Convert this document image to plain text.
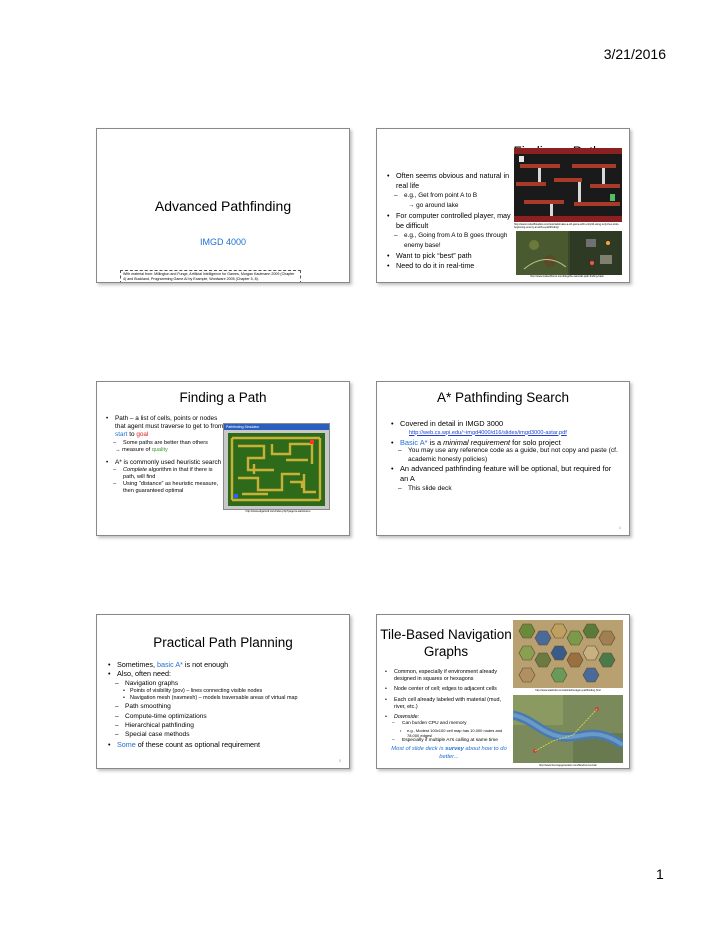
3/21/2016
Advanced Pathfinding
IMGD 4000
With material from: Millington and Funge, Artificial Intelligence for Games, Morgan Kaufmann 2009 (Chapter 4) and Buckland, Programming Game AI by Example, Wordware 2005 (Chapter 5, 8).
• Often seems obvious and natural in real life
– e.g., Get from point A to B
→ go around lake
• For computer controlled player, may be difficult
– e.g., Going from A to B goes through enemy base!
• Want to pick “best” path
• Need to do it in real-time
http://www.rocket5studios.com/tutorials/make-a-2d-game-with-unity3d-using-only-free-tools-beginning-enemy-ai-with-a-pathfinding/
http://www.codeofhonor.com/blog/the-starcraft-path-finding-hack
Finding a Path
• Path – a list of cells, points or nodes that agent must traverse to get to from start to goal
– Some paths are better than others
→ measure of quality
• A* is commonly used heuristic search
– Complete algorithm in that if there is path, will find
– Using “distance” as heuristic measure, then guaranteed optimal
Pathfinding Simulator
http://www.edgarsoft.com/index.php?page=a-star&menu
A* Pathfinding Search
• Covered in detail in IMGD 3000
http://web.cs.wpi.edu/~imgd4000/d16/slides/imgd3000-astar.pdf
• Basic A* is a minimal requirement for solo project
– You may use any reference code as a guide, but not copy and paste (cf. academic honesty policies)
• An advanced pathfinding feature will be optional, but required for an A
– This slide deck
4
Practical Path Planning
• Sometimes, basic A* is not enough
• Also, often need:
– Navigation graphs
• Points of visibility (pov) – lines connecting visible nodes
• Navigation mesh (navmesh) – models traversable areas of virtual map
– Path smoothing
– Compute-time optimizations
– Hierarchical pathfinding
– Special case methods
• Some of these count as optional requirement
5
Tile-Based Navigation Graphs
• Common, especially if environment already designed in squares or hexagons
• Node center of cell; edges to adjacent cells
• Each cell already labeled with material (mud, river, etc.)
• Downside:
– Can burden CPU and memory
• e.g., Modest 100x100 cell map has 10,000 nodes and 78,000 edges!
– Especially if multiple AI’s calling at same time
Most of slide deck is survey about how to do better...
http://www.slashdot.com/article/hexagon-pathfinding.html
http://www.hexmapgenerator.com/tiles/river-terrain
1
